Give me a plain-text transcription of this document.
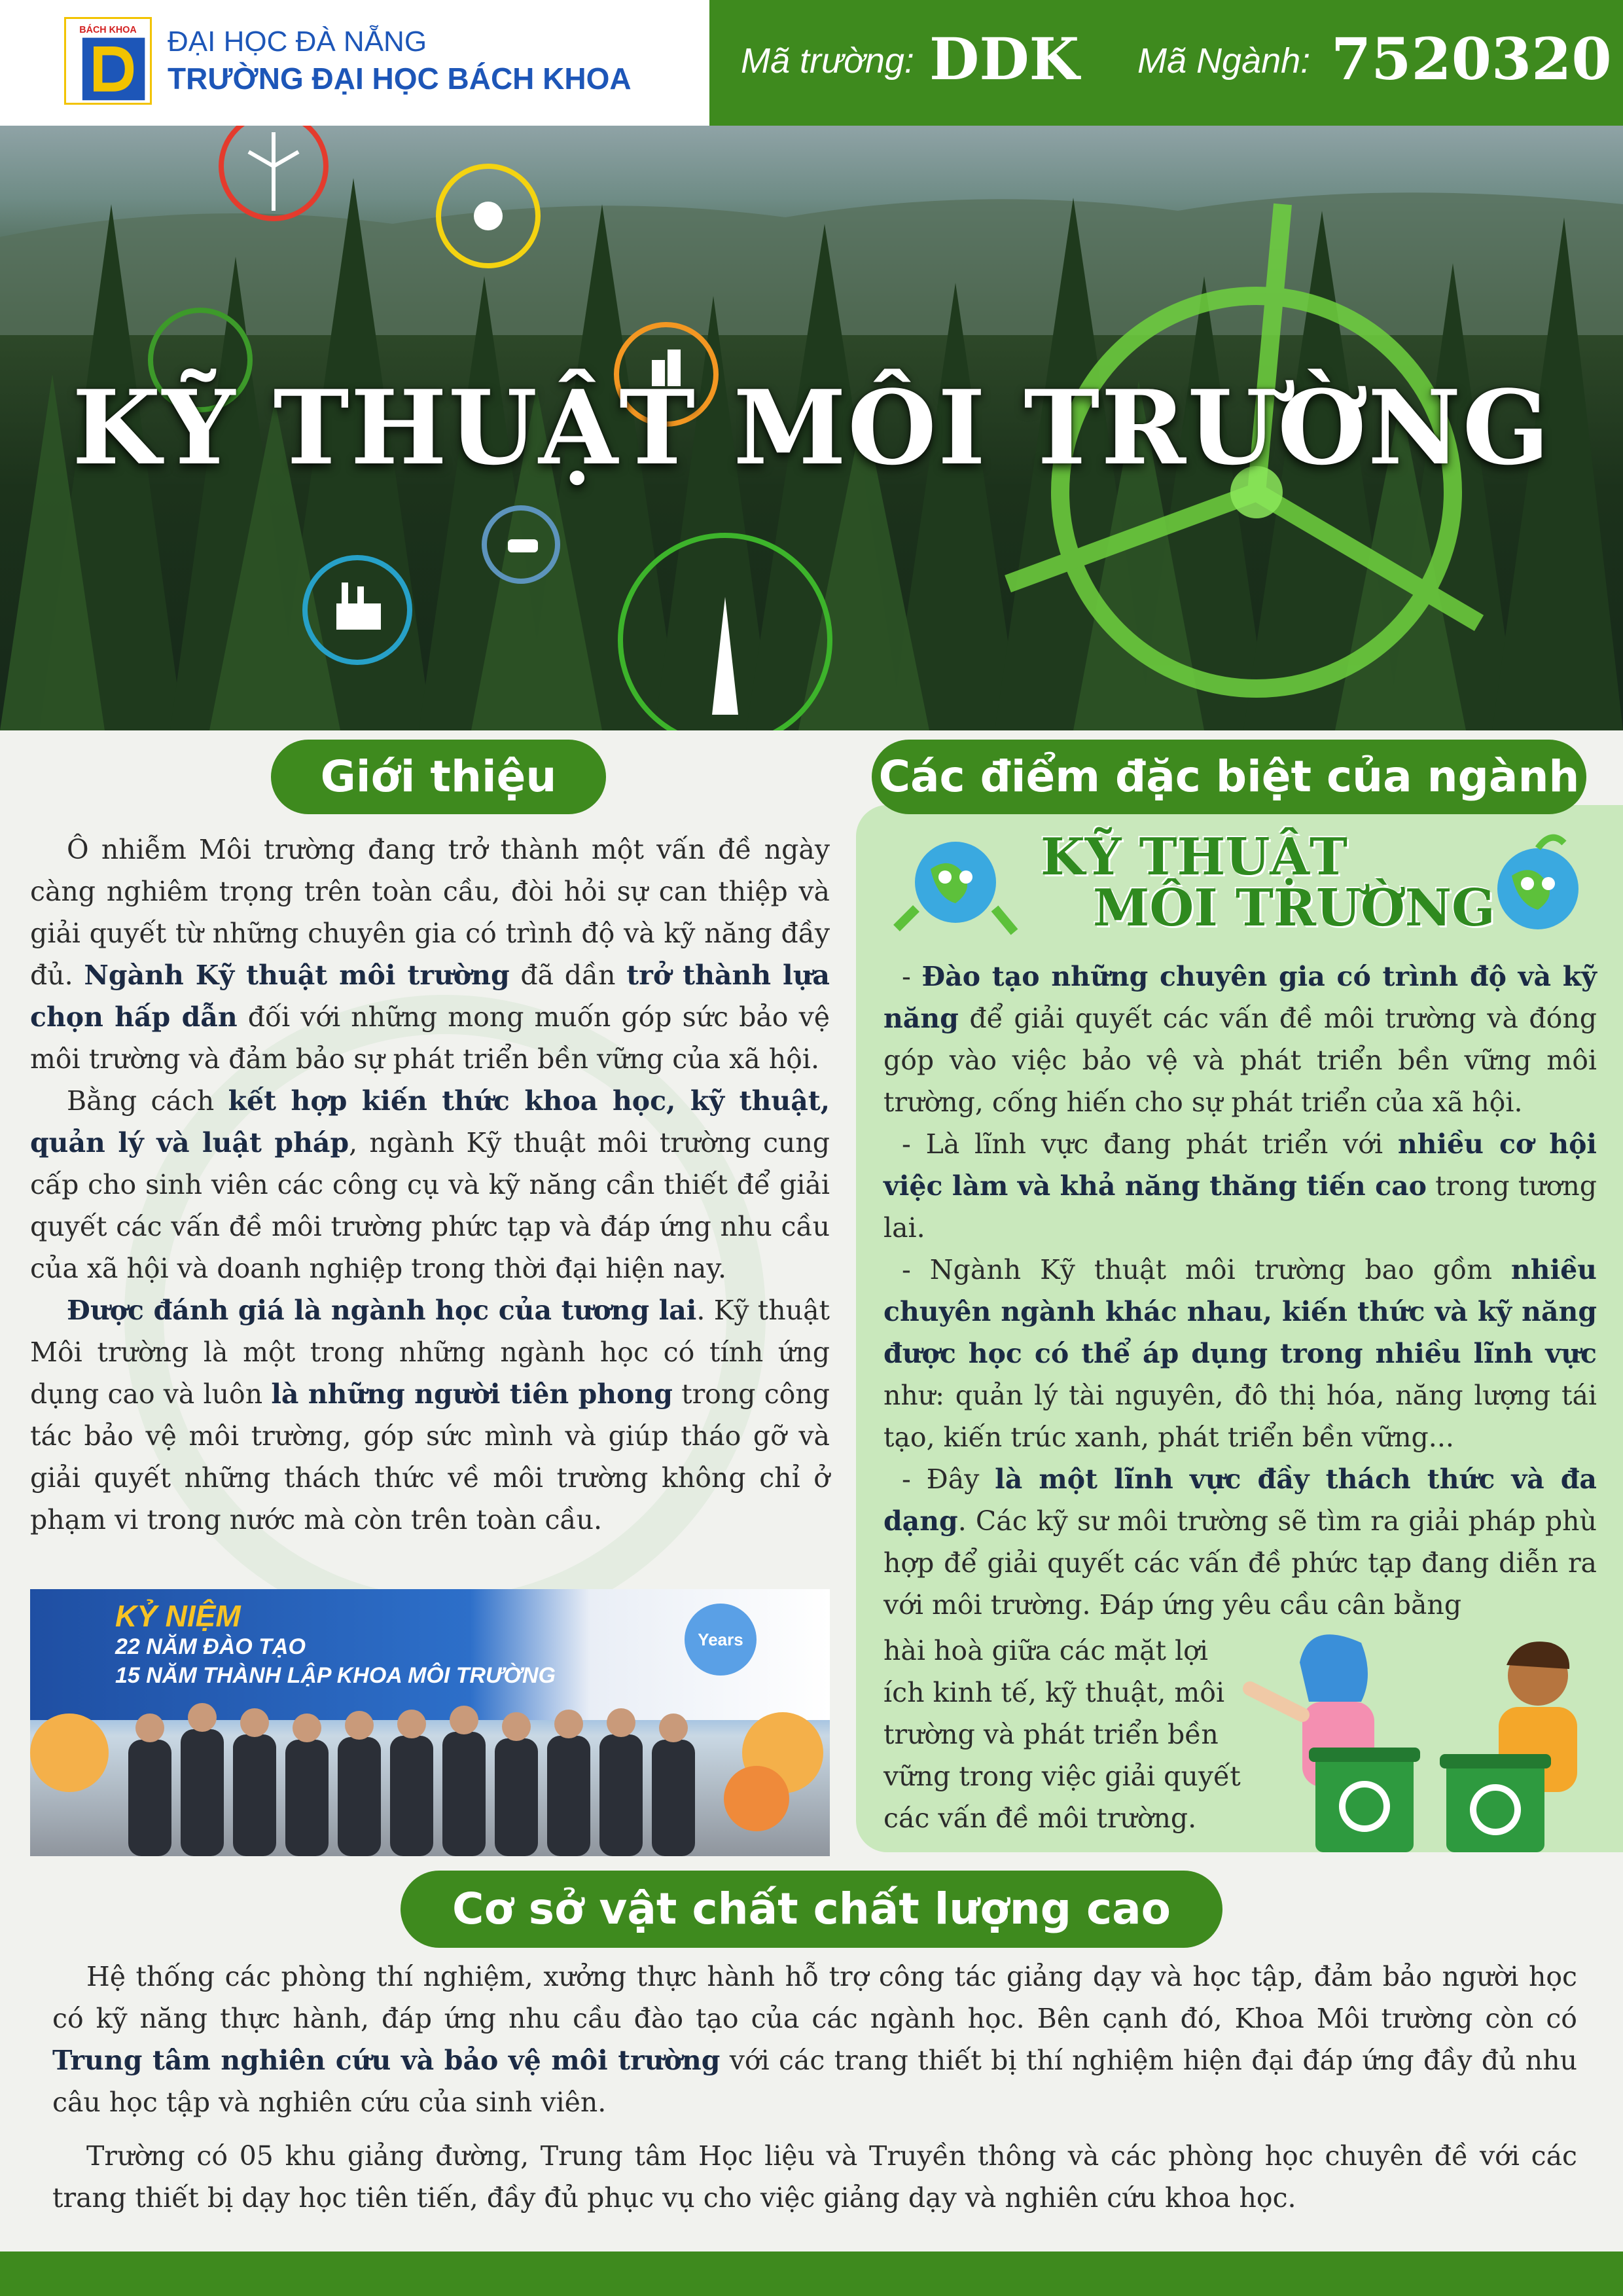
BÁCH KHOA ĐẠI HỌC ĐÀ NẴNG
TRƯỜNG ĐẠI HỌC BÁCH KHOA	Mã trường: DDK Mã Ngành: 7520320
KỸ THUẬT MÔI TRƯỜNG
Giới thiệu

Ô nhiễm Môi trường đang trở thành một vấn đề ngày càng nghiêm trọng trên toàn cầu, đòi hỏi sự can thiệp và giải quyết từ những chuyên gia có trình độ và kỹ năng đầy đủ. Ngành Kỹ thuật môi trường đã dần trở thành lựa chọn hấp dẫn đối với những mong muốn góp sức bảo vệ môi trường và đảm bảo sự phát triển bền vững của xã hội.

Bằng cách kết hợp kiến thức khoa học, kỹ thuật, quản lý và luật pháp, ngành Kỹ thuật môi trường cung cấp cho sinh viên các công cụ và kỹ năng cần thiết để giải quyết các vấn đề môi trường phức tạp và đáp ứng nhu cầu của xã hội và doanh nghiệp trong thời đại hiện nay.

Được đánh giá là ngành học của tương lai. Kỹ thuật Môi trường là một trong những ngành học có tính ứng dụng cao và luôn là những người tiên phong trong công tác bảo vệ môi trường, góp sức mình và giúp tháo gỡ và giải quyết những thách thức về môi trường không chỉ ở phạm vi trong nước mà còn trên toàn cầu.

KỶ NIỆM
22 NĂM ĐÀO TẠO
15 NĂM THÀNH LẬP KHOA MÔI TRƯỜNG
Years
Các điểm đặc biệt của ngành
KỸ THUẬT
MÔI TRƯỜNG

- Đào tạo những chuyên gia có trình độ và kỹ năng để giải quyết các vấn đề môi trường và đóng góp vào việc bảo vệ và phát triển bền vững môi trường, cống hiến cho sự phát triển của xã hội.

- Là lĩnh vực đang phát triển với nhiều cơ hội việc làm và khả năng thăng tiến cao trong tương lai.

- Ngành Kỹ thuật môi trường bao gồm nhiều chuyên ngành khác nhau, kiến thức và kỹ năng được học có thể áp dụng trong nhiều lĩnh vực như: quản lý tài nguyên, đô thị hóa, năng lượng tái tạo, kiến trúc xanh, phát triển bền vững...

- Đây là một lĩnh vực đầy thách thức và đa dạng. Các kỹ sư môi trường sẽ tìm ra giải pháp phù hợp để giải quyết các vấn đề phức tạp đang diễn ra với môi trường. Đáp ứng yêu cầu cân bằng

hài hoà giữa các mặt lợi ích kinh tế, kỹ thuật, môi trường và phát triển bền vững trong việc giải quyết các vấn đề môi trường.
Cơ sở vật chất chất lượng cao

Hệ thống các phòng thí nghiệm, xưởng thực hành hỗ trợ công tác giảng dạy và học tập, đảm bảo người học có kỹ năng thực hành, đáp ứng nhu cầu đào tạo của các ngành học. Bên cạnh đó, Khoa Môi trường còn có Trung tâm nghiên cứu và bảo vệ môi trường với các trang thiết bị thí nghiệm hiện đại đáp ứng đầy đủ nhu câu học tập và nghiên cứu của sinh viên.

Trường có 05 khu giảng đường, Trung tâm Học liệu và Truyền thông và các phòng học chuyên đề với các trang thiết bị dạy học tiên tiến, đầy đủ phục vụ cho việc giảng dạy và nghiên cứu khoa học.
